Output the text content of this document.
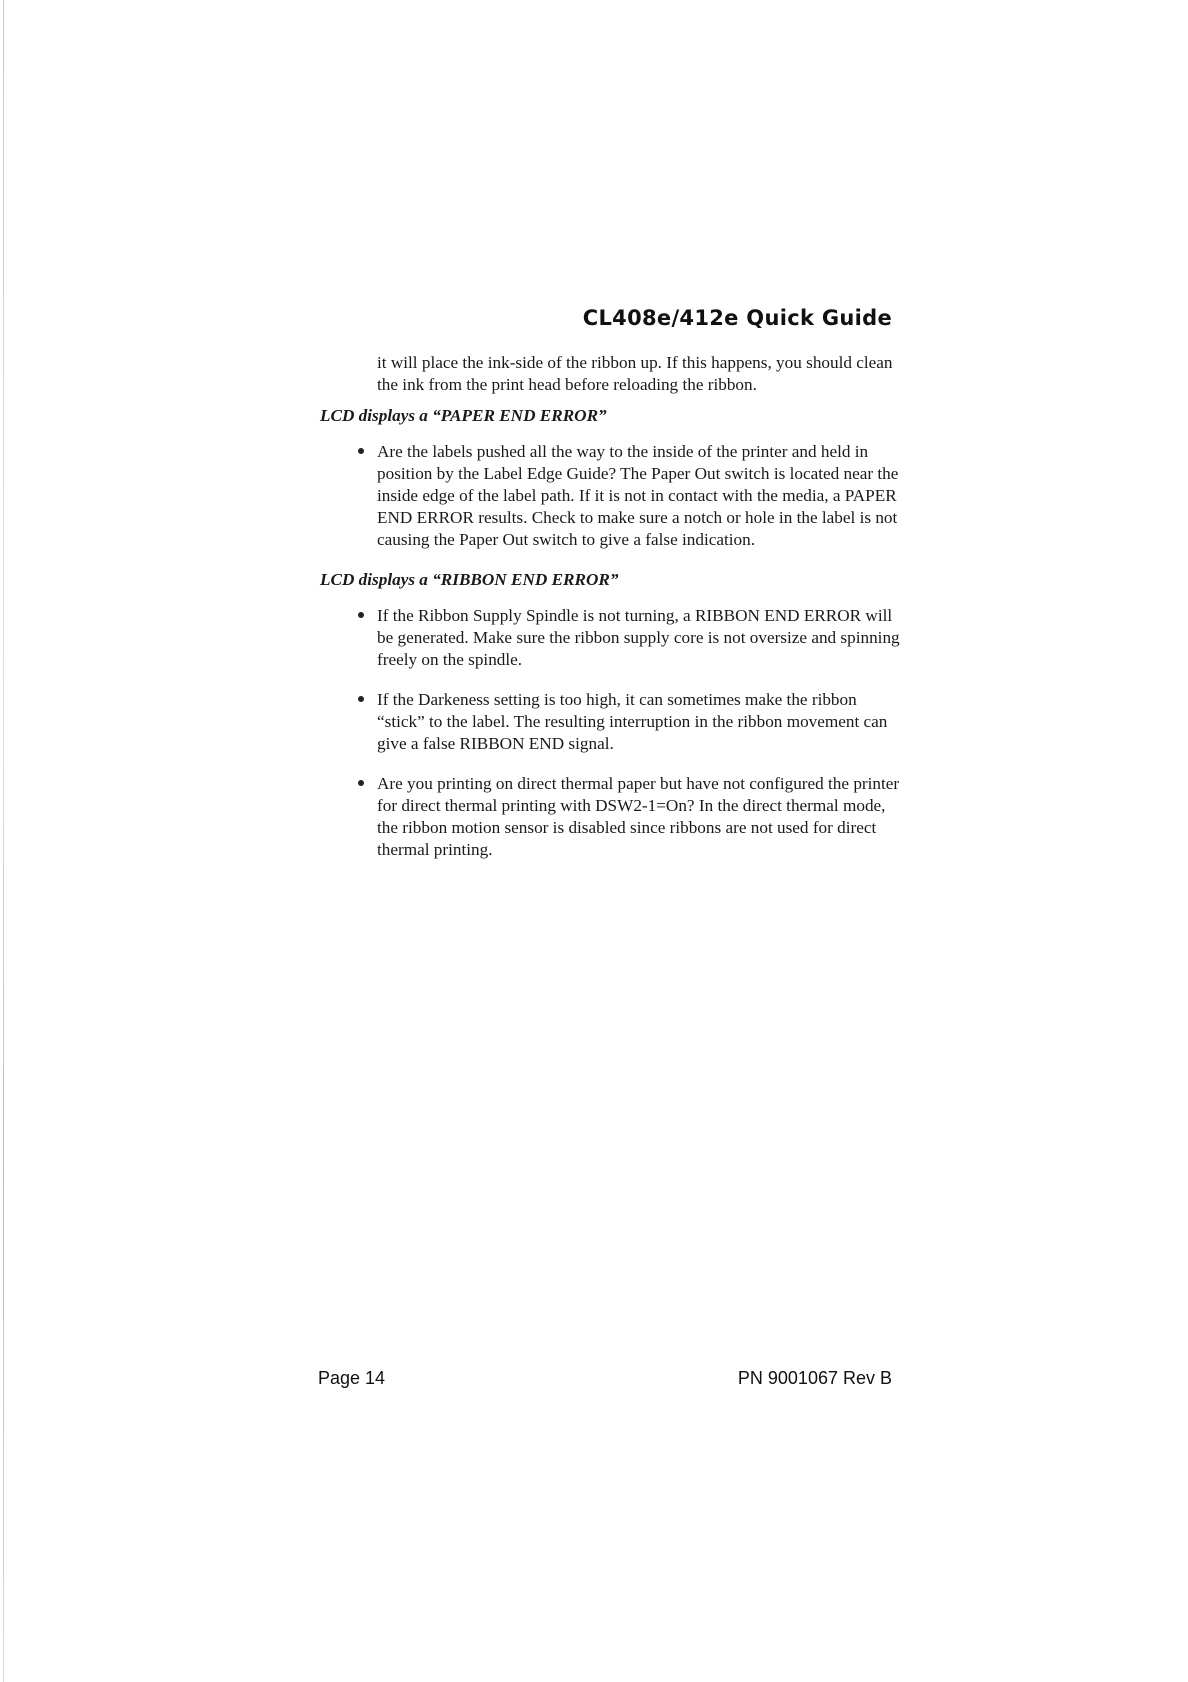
CL408e/412e Quick Guide

it will place the ink-side of the ribbon up. If this happens, you should clean the ink from the print head before reloading the ribbon.

LCD displays a “PAPER END ERROR”

Are the labels pushed all the way to the inside of the printer and held in position by the Label Edge Guide? The Paper Out switch is located near the inside edge of the label path. If it is not in contact with the media, a PAPER END ERROR results. Check to make sure a notch or hole in the label is not causing the Paper Out switch to give a false indication.

LCD displays a “RIBBON END ERROR”

If the Ribbon Supply Spindle is not turning, a RIBBON END ERROR will be generated. Make sure the ribbon supply core is not oversize and spinning freely on the spindle.
If the Darkeness setting is too high, it can sometimes make the ribbon “stick” to the label. The resulting interruption in the ribbon movement can give a false RIBBON END signal.
Are you printing on direct thermal paper but have not configured the printer for direct thermal printing with DSW2-1=On? In the direct thermal mode, the ribbon motion sensor is disabled since ribbons are not used for direct thermal printing.
Page 14	PN 9001067 Rev B
